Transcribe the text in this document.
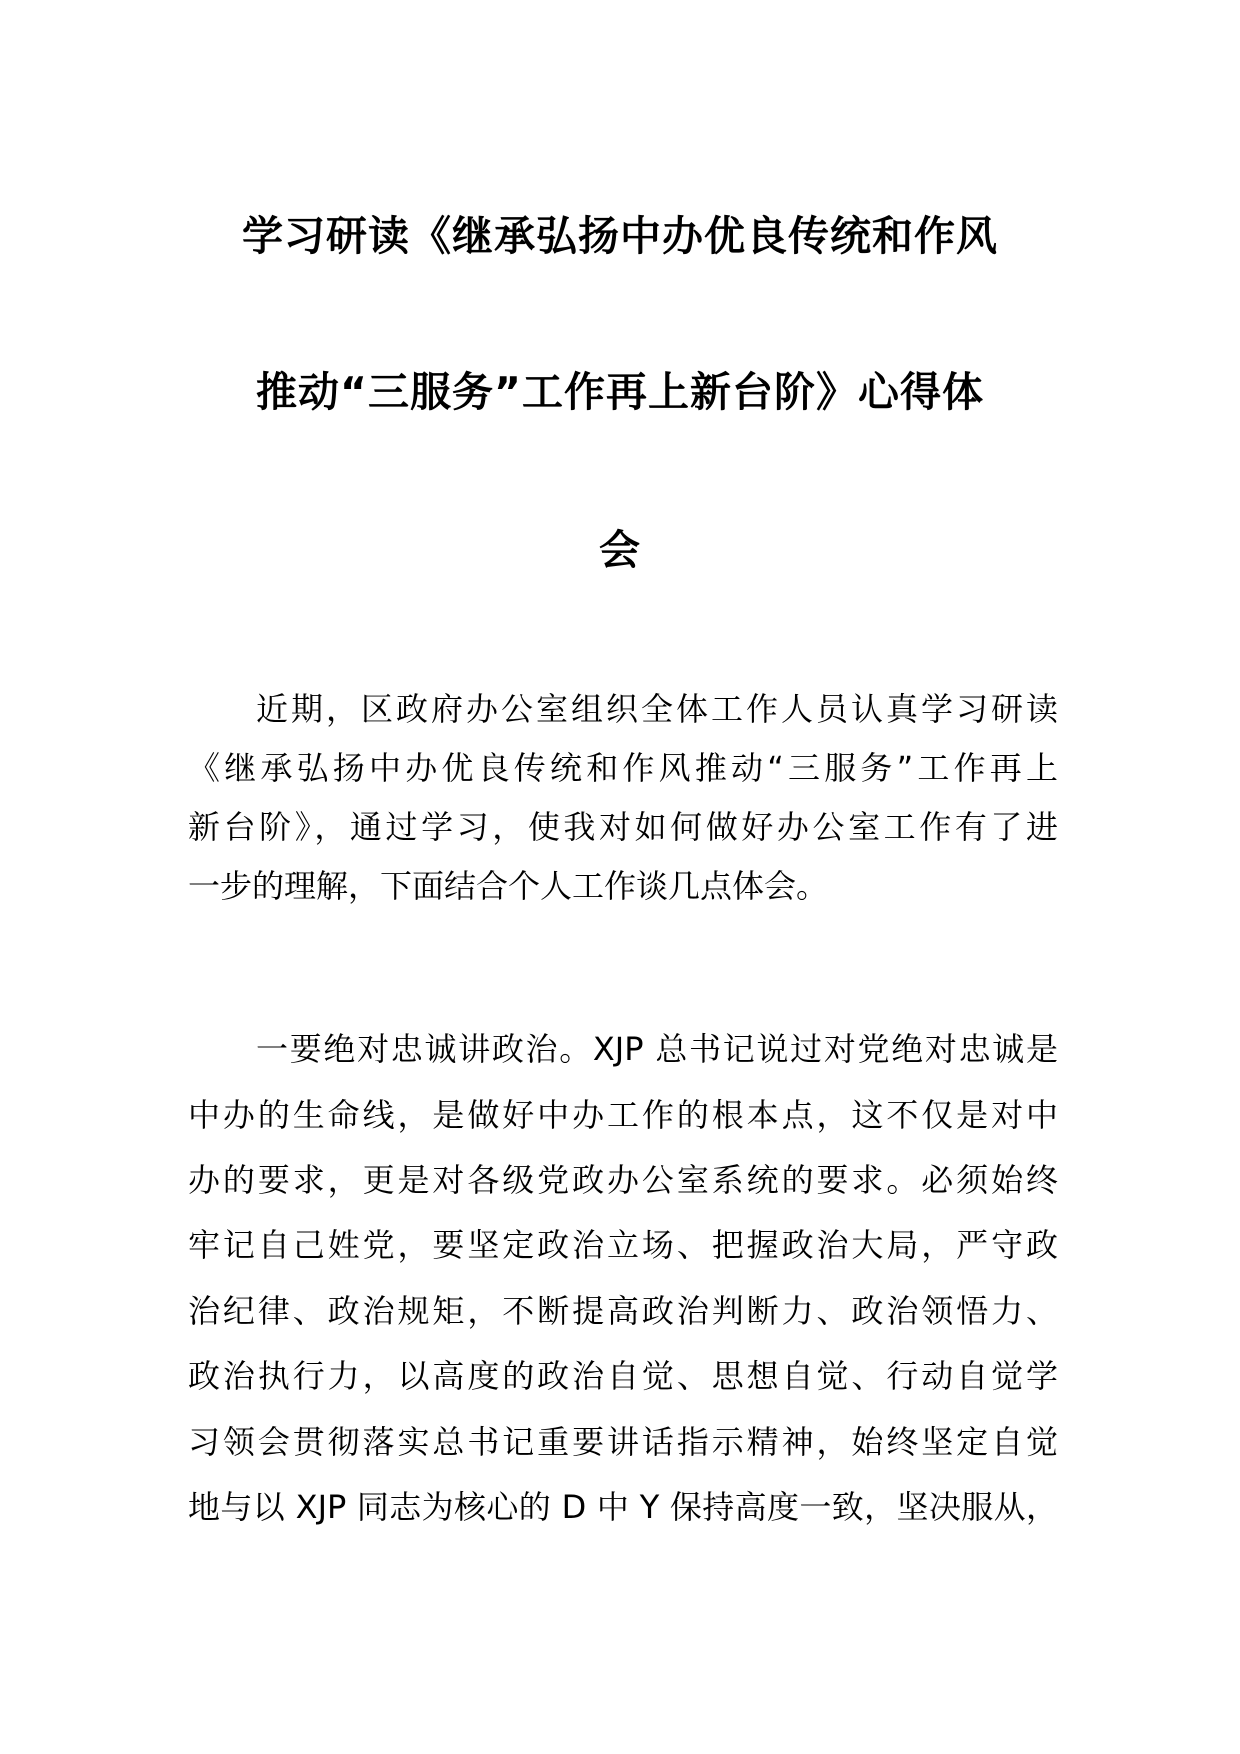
学习研读《继承弘扬中办优良传统和作风
推动“三服务”工作再上新台阶》心得体
会
近期，区政府办公室组织全体工作人员认真学习研读
《继承弘扬中办优良传统和作风推动“三服务”工作再上
新台阶》，通过学习，使我对如何做好办公室工作有了进
一步的理解，下面结合个人工作谈几点体会。
一要绝对忠诚讲政治。XJP 总书记说过对党绝对忠诚是
中办的生命线，是做好中办工作的根本点，这不仅是对中
办的要求，更是对各级党政办公室系统的要求。必须始终
牢记自己姓党，要坚定政治立场、把握政治大局，严守政
治纪律、政治规矩，不断提高政治判断力、政治领悟力、
政治执行力，以高度的政治自觉、思想自觉、行动自觉学
习领会贯彻落实总书记重要讲话指示精神，始终坚定自觉
地与以 XJP 同志为核心的 D 中 Y 保持高度一致，坚决服从，
